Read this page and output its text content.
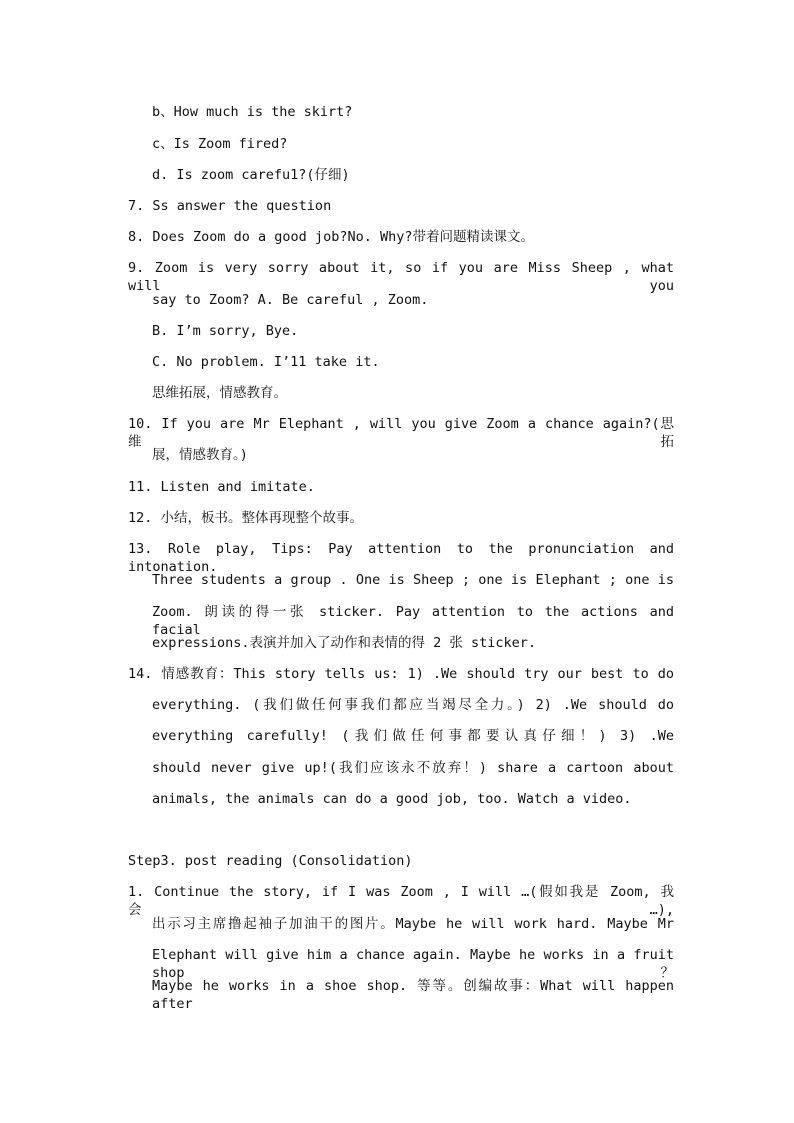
b、How much is the skirt?
c、Is Zoom fired?
d. Is zoom carefu1?(仔细)
7. Ss answer the question
8. Does Zoom do a good job?No. Why?带着问题精读课文。
9. Zoom is very sorry about it, so if you are Miss Sheep , what will you
say to Zoom? A. Be careful , Zoom.
B. I’m sorry, Bye.
C. No problem. I’11 take it.
思维拓展，情感教育。
10. If you are Mr Elephant , will you give Zoom a chance again?(思维拓
展，情感教育。)
11. Listen and imitate.
12. 小结，板书。整体再现整个故事。
13. Role play, Tips: Pay attention to the pronunciation and intonation.
Three students a group . One is Sheep ; one is Elephant ; one is
Zoom. 朗读的得一张 sticker. Pay attention to the actions and facial
expressions.表演并加入了动作和表情的得 2 张 sticker.
14. 情感教育：This story tells us: 1) .We should try our best to do
everything. (我们做任何事我们都应当竭尽全力。) 2) .We should do
everything carefully! (我们做任何事都要认真仔细！) 3) .We
should never give up!(我们应该永不放弃！) share a cartoon about
animals, the animals can do a good job, too. Watch a video.
Step3. post reading (Consolidation)
1. Continue the story, if I was Zoom , I will …(假如我是 Zoom, 我会…),
出示习主席撸起袖子加油干的图片。Maybe he will work hard. Maybe Mr
Elephant will give him a chance again. Maybe he works in a fruit shop？
Maybe he works in a shoe shop. 等等。创编故事：What will happen after
